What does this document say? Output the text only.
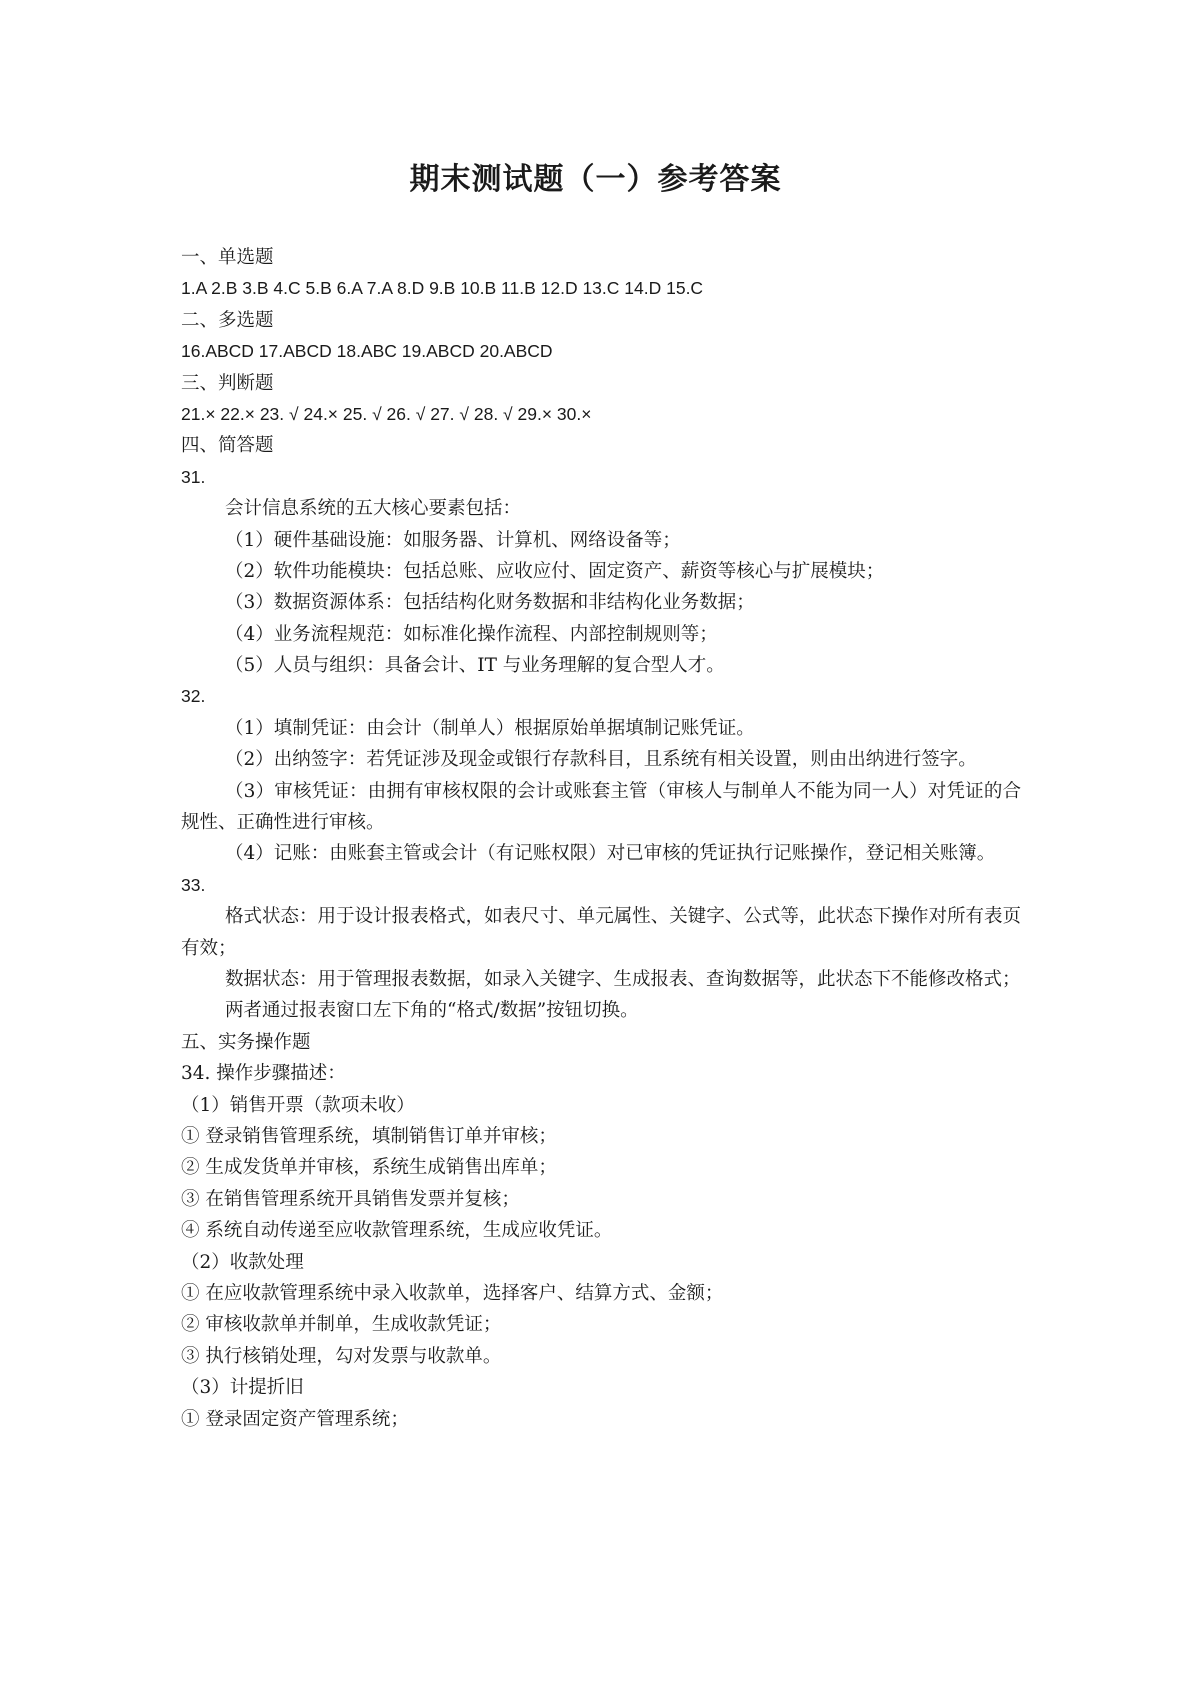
期末测试题（一）参考答案
一、单选题
1.A 2.B 3.B 4.C 5.B 6.A 7.A 8.D 9.B 10.B 11.B 12.D 13.C 14.D 15.C
二、多选题
16.ABCD 17.ABCD 18.ABC 19.ABCD 20.ABCD
三、判断题
21.× 22.× 23. √ 24.× 25. √ 26. √ 27. √ 28. √ 29.× 30.×
四、简答题
31.
会计信息系统的五大核心要素包括：
（1）硬件基础设施：如服务器、计算机、网络设备等；
（2）软件功能模块：包括总账、应收应付、固定资产、薪资等核心与扩展模块；
（3）数据资源体系：包括结构化财务数据和非结构化业务数据；
（4）业务流程规范：如标准化操作流程、内部控制规则等；
（5）人员与组织：具备会计、IT 与业务理解的复合型人才。
32.
（1）填制凭证：由会计（制单人）根据原始单据填制记账凭证。
（2）出纳签字：若凭证涉及现金或银行存款科目，且系统有相关设置，则由出纳进行签字。
（3）审核凭证：由拥有审核权限的会计或账套主管（审核人与制单人不能为同一人）对凭证的合规性、正确性进行审核。
（4）记账：由账套主管或会计（有记账权限）对已审核的凭证执行记账操作，登记相关账簿。
33.
格式状态：用于设计报表格式，如表尺寸、单元属性、关键字、公式等，此状态下操作对所有表页有效；
数据状态：用于管理报表数据，如录入关键字、生成报表、查询数据等，此状态下不能修改格式；
两者通过报表窗口左下角的“格式/数据”按钮切换。
五、实务操作题
34. 操作步骤描述：
（1）销售开票（款项未收）
① 登录销售管理系统，填制销售订单并审核；
② 生成发货单并审核，系统生成销售出库单；
③ 在销售管理系统开具销售发票并复核；
④ 系统自动传递至应收款管理系统，生成应收凭证。
（2）收款处理
① 在应收款管理系统中录入收款单，选择客户、结算方式、金额；
② 审核收款单并制单，生成收款凭证；
③ 执行核销处理，勾对发票与收款单。
（3）计提折旧
① 登录固定资产管理系统；
